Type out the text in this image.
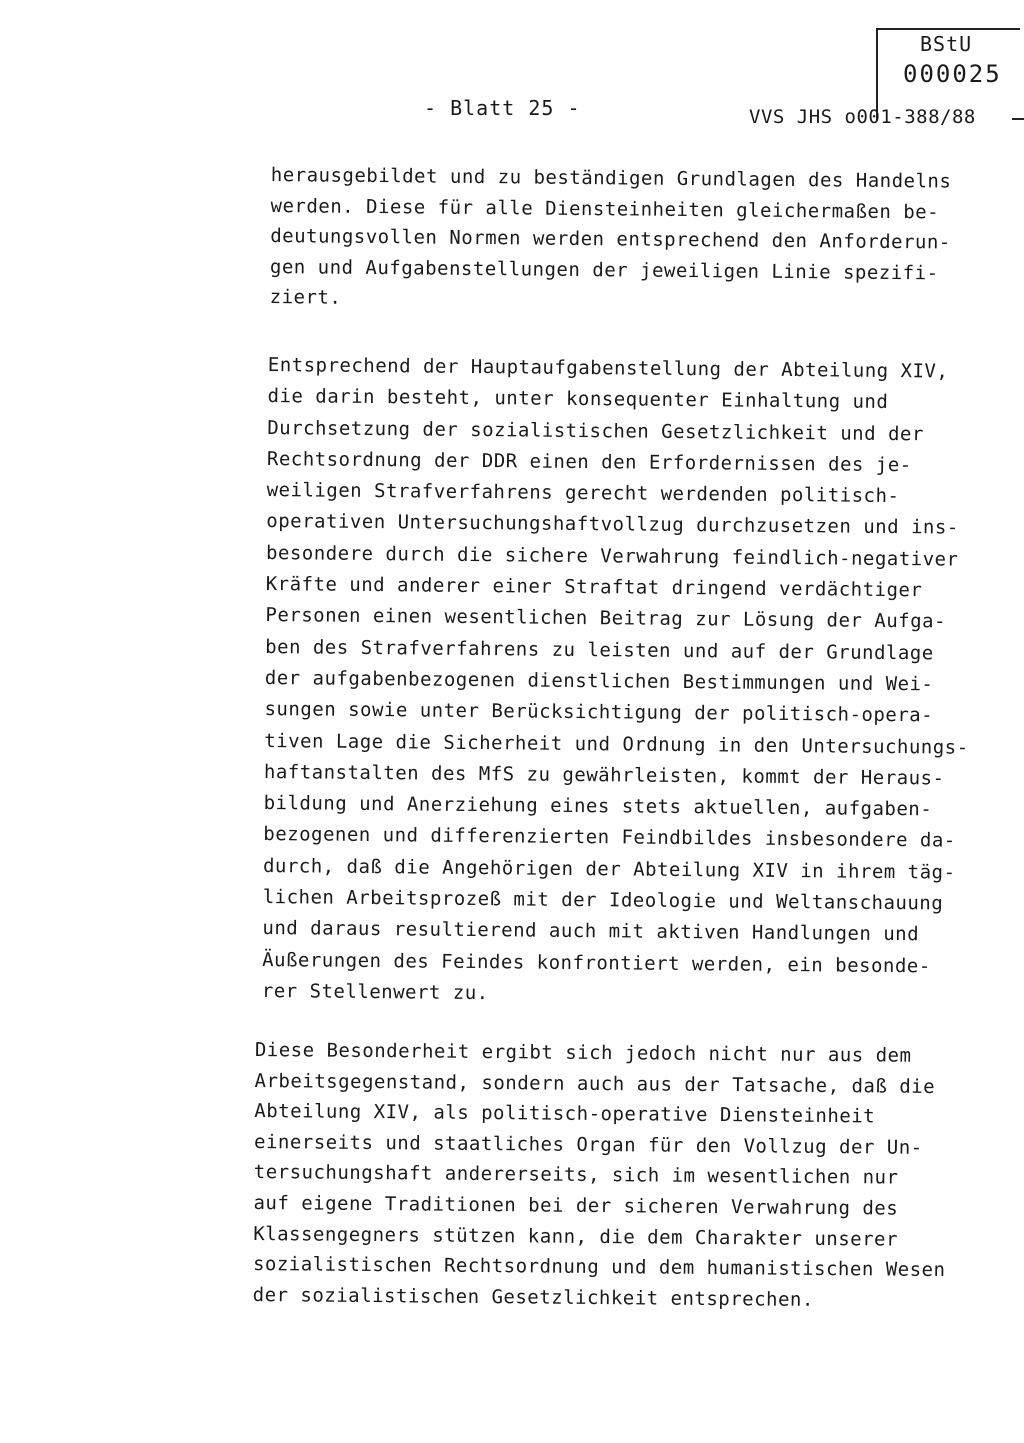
BStU
000025
- Blatt 25 -	VVS JHS o001-388/88
herausgebildet und zu beständigen Grundlagen des Handelns
werden. Diese für alle Diensteinheiten gleichermaßen be-
deutungsvollen Normen werden entsprechend den Anforderun-
gen und Aufgabenstellungen der jeweiligen Linie spezifi-
ziert.
Entsprechend der Hauptaufgabenstellung der Abteilung XIV,
die darin besteht, unter konsequenter Einhaltung und
Durchsetzung der sozialistischen Gesetzlichkeit und der
Rechtsordnung der DDR einen den Erfordernissen des je-
weiligen Strafverfahrens gerecht werdenden politisch-
operativen Untersuchungshaftvollzug durchzusetzen und ins-
besondere durch die sichere Verwahrung feindlich-negativer
Kräfte und anderer einer Straftat dringend verdächtiger
Personen einen wesentlichen Beitrag zur Lösung der Aufga-
ben des Strafverfahrens zu leisten und auf der Grundlage
der aufgabenbezogenen dienstlichen Bestimmungen und Wei-
sungen sowie unter Berücksichtigung der politisch-opera-
tiven Lage die Sicherheit und Ordnung in den Untersuchungs-
haftanstalten des MfS zu gewährleisten, kommt der Heraus-
bildung und Anerziehung eines stets aktuellen, aufgaben-
bezogenen und differenzierten Feindbildes insbesondere da-
durch, daß die Angehörigen der Abteilung XIV in ihrem täg-
lichen Arbeitsprozeß mit der Ideologie und Weltanschauung
und daraus resultierend auch mit aktiven Handlungen und
Äußerungen des Feindes konfrontiert werden, ein besonde-
rer Stellenwert zu.
Diese Besonderheit ergibt sich jedoch nicht nur aus dem
Arbeitsgegenstand, sondern auch aus der Tatsache, daß die
Abteilung XIV, als politisch-operative Diensteinheit
einerseits und staatliches Organ für den Vollzug der Un-
tersuchungshaft andererseits, sich im wesentlichen nur
auf eigene Traditionen bei der sicheren Verwahrung des
Klassengegners stützen kann, die dem Charakter unserer
sozialistischen Rechtsordnung und dem humanistischen Wesen
der sozialistischen Gesetzlichkeit entsprechen.
